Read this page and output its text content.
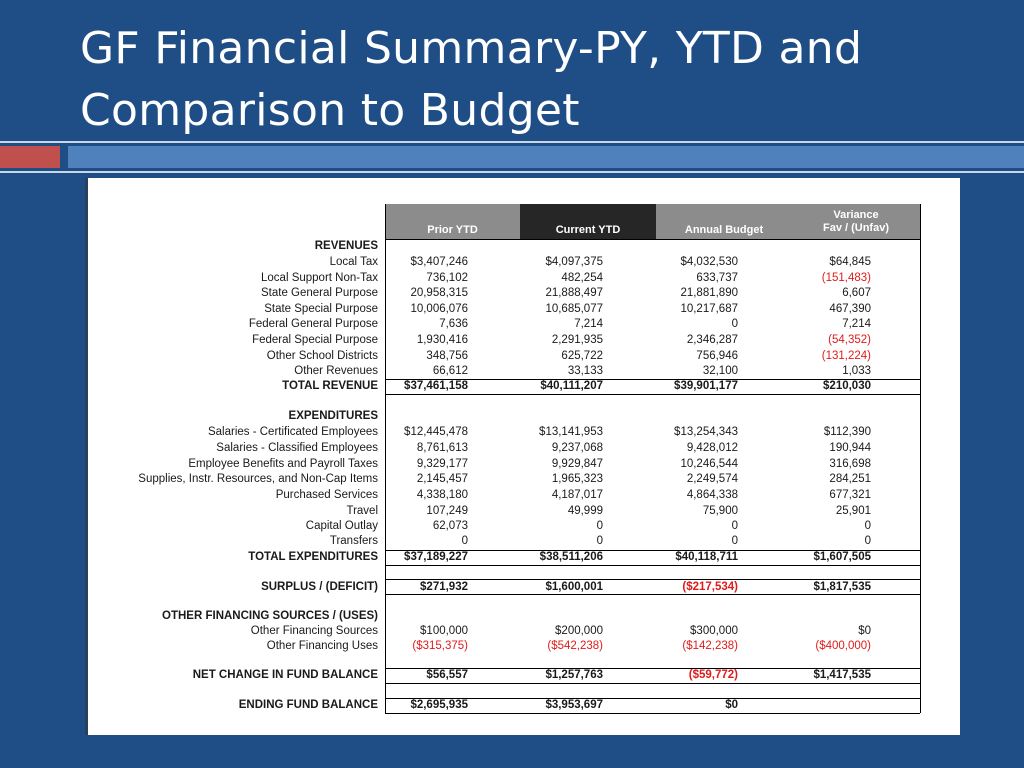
GF Financial Summary-PY, YTD and
Comparison to Budget
Prior YTD	Current YTD	Annual Budget
Variance
Fav / (Unfav)
REVENUES
Local Tax	$3,407,246	$4,097,375	$4,032,530	$64,845
Local Support Non-Tax	736,102	482,254	633,737	(151,483)
State General Purpose	20,958,315	21,888,497	21,881,890	6,607
State Special Purpose	10,006,076	10,685,077	10,217,687	467,390
Federal General Purpose	7,636	7,214	0	7,214
Federal Special Purpose	1,930,416	2,291,935	2,346,287	(54,352)
Other School Districts	348,756	625,722	756,946	(131,224)
Other Revenues	66,612	33,133	32,100	1,033
TOTAL REVENUE $37,461,158	$40,111,207	$39,901,177	$210,030
EXPENDITURES
Salaries - Certificated Employees $12,445,478	$13,141,953	$13,254,343	$112,390
Salaries - Classified Employees	8,761,613	9,237,068	9,428,012	190,944
Employee Benefits and Payroll Taxes	9,329,177	9,929,847	10,246,544	316,698
Supplies, Instr. Resources, and Non-Cap Items	2,145,457	1,965,323	2,249,574	284,251
Purchased Services	4,338,180	4,187,017	4,864,338	677,321
Travel	107,249	49,999	75,900	25,901
Capital Outlay	62,073	0	0	0
Transfers	0	0	0	0
TOTAL EXPENDITURES $37,189,227	$38,511,206	$40,118,711	$1,607,505
SURPLUS / (DEFICIT)	$271,932	$1,600,001	($217,534)	$1,817,535
OTHER FINANCING SOURCES / (USES)
Other Financing Sources	$100,000	$200,000	$300,000	$0
Other Financing Uses	($315,375)	($542,238)	($142,238)	($400,000)
NET CHANGE IN FUND BALANCE	$56,557	$1,257,763	($59,772)	$1,417,535
ENDING FUND BALANCE	$2,695,935	$3,953,697	$0
